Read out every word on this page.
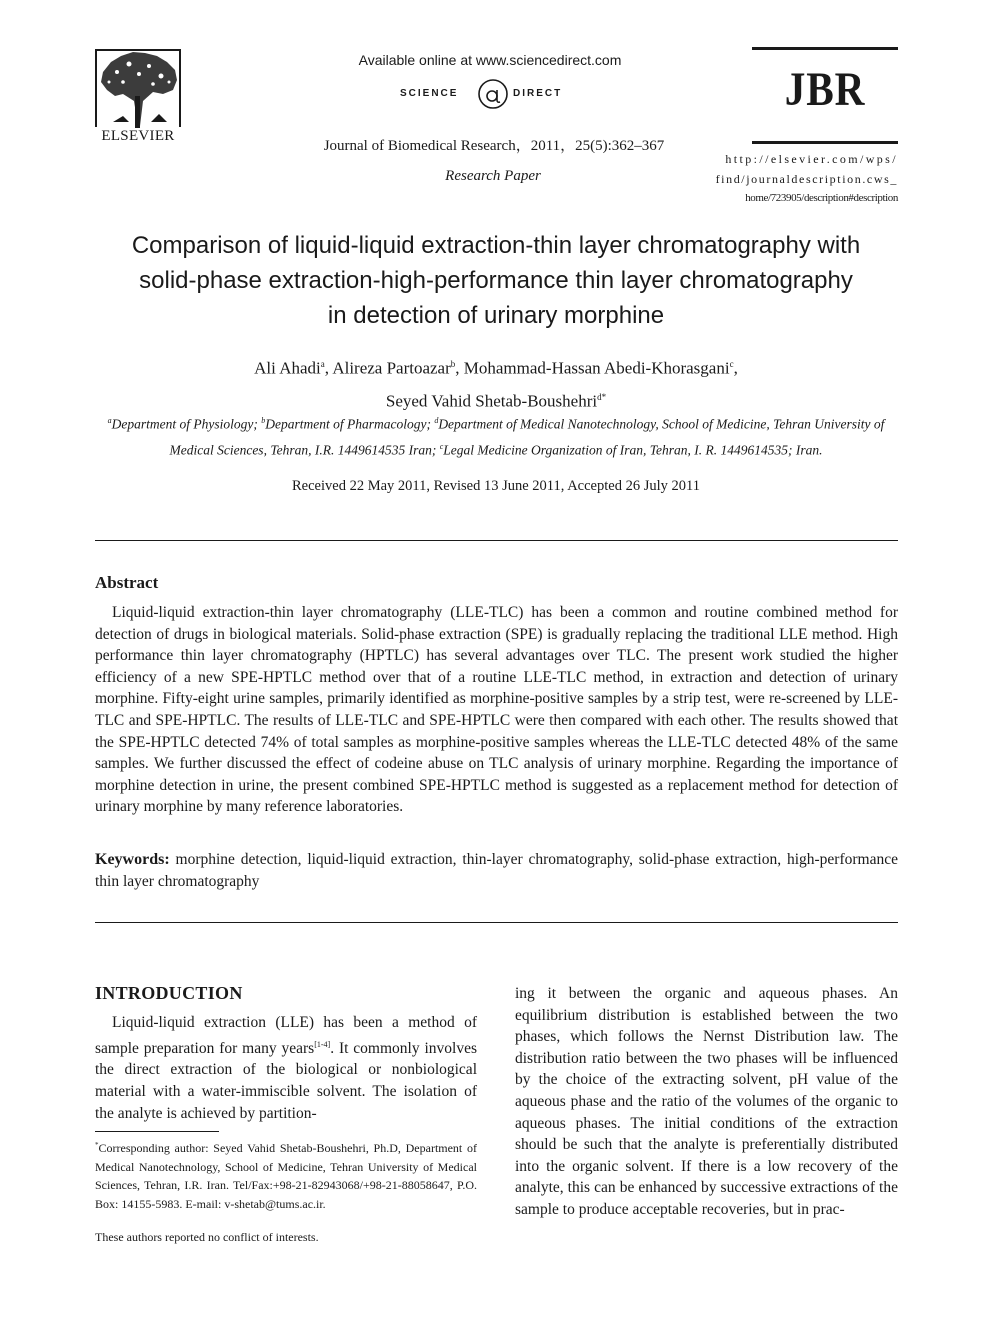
ELSEVIER
Available online at www.sciencedirect.com
SCIENCE	DIRECT
Journal of Biomedical Research，2011，25(5):362–367
Research Paper
JBR
http://elsevier.com/wps/
find/journaldescription.cws_
home/723905/description#description
Comparison of liquid-liquid extraction-thin layer chromatography with
solid-phase extraction-high-performance thin layer chromatography
in detection of urinary morphine
Ali Ahadi$^a$, Alireza Partoazar$^b$, Mohammad-Hassan Abedi-Khorasgani$^c$,
Seyed Vahid Shetab-Boushehri$^{d*}$
$^a$Department of Physiology; $^b$Department of Pharmacology; $^d$Department of Medical Nanotechnology, School of Medicine, Tehran University of Medical Sciences, Tehran, I.R. 1449614535 Iran; $^c$Legal Medicine Organization of Iran, Tehran, I. R. 1449614535; Iran.
Received 22 May 2011, Revised 13 June 2011, Accepted 26 July 2011
Abstract
Liquid-liquid extraction-thin layer chromatography (LLE-TLC) has been a common and routine combined method for detection of drugs in biological materials. Solid-phase extraction (SPE) is gradually replacing the traditional LLE method. High performance thin layer chromatography (HPTLC) has several advantages over TLC. The present work studied the higher efficiency of a new SPE-HPTLC method over that of a routine LLE-TLC method, in extraction and detection of urinary morphine. Fifty-eight urine samples, primarily identified as morphine-positive samples by a strip test, were re-screened by LLE-TLC and SPE-HPTLC. The results of LLE-TLC and SPE-HPTLC were then compared with each other. The results showed that the SPE-HPTLC detected 74% of total samples as morphine-positive samples whereas the LLE-TLC detected 48% of the same samples. We further discussed the effect of codeine abuse on TLC analysis of urinary morphine. Regarding the importance of morphine detection in urine, the present combined SPE-HPTLC method is suggested as a replacement method for detection of urinary morphine by many reference laboratories.
Keywords: morphine detection, liquid-liquid extraction, thin-layer chromatography, solid-phase extraction, high-performance thin layer chromatography
INTRODUCTION
Liquid-liquid extraction (LLE) has been a method of sample preparation for many years[1-4]. It commonly involves the direct extraction of the biological or nonbiological material with a water-immiscible solvent. The isolation of the analyte is achieved by partition-
*Corresponding author: Seyed Vahid Shetab-Boushehri, Ph.D, Department of Medical Nanotechnology, School of Medicine, Tehran University of Medical Sciences, Tehran, I.R. Iran. Tel/Fax:+98-21-82943068/+98-21-88058647, P.O. Box: 14155-5983. E-mail: v-shetab@tums.ac.ir.
These authors reported no conflict of interests.
ing it between the organic and aqueous phases. An equilibrium distribution is established between the two phases, which follows the Nernst Distribution law. The distribution ratio between the two phases will be influenced by the choice of the extracting solvent, pH value of the aqueous phase and the ratio of the volumes of the organic to aqueous phases. The initial conditions of the extraction should be such that the analyte is preferentially distributed into the organic solvent. If there is a low recovery of the analyte, this can be enhanced by successive extractions of the sample to produce acceptable recoveries, but in prac-
